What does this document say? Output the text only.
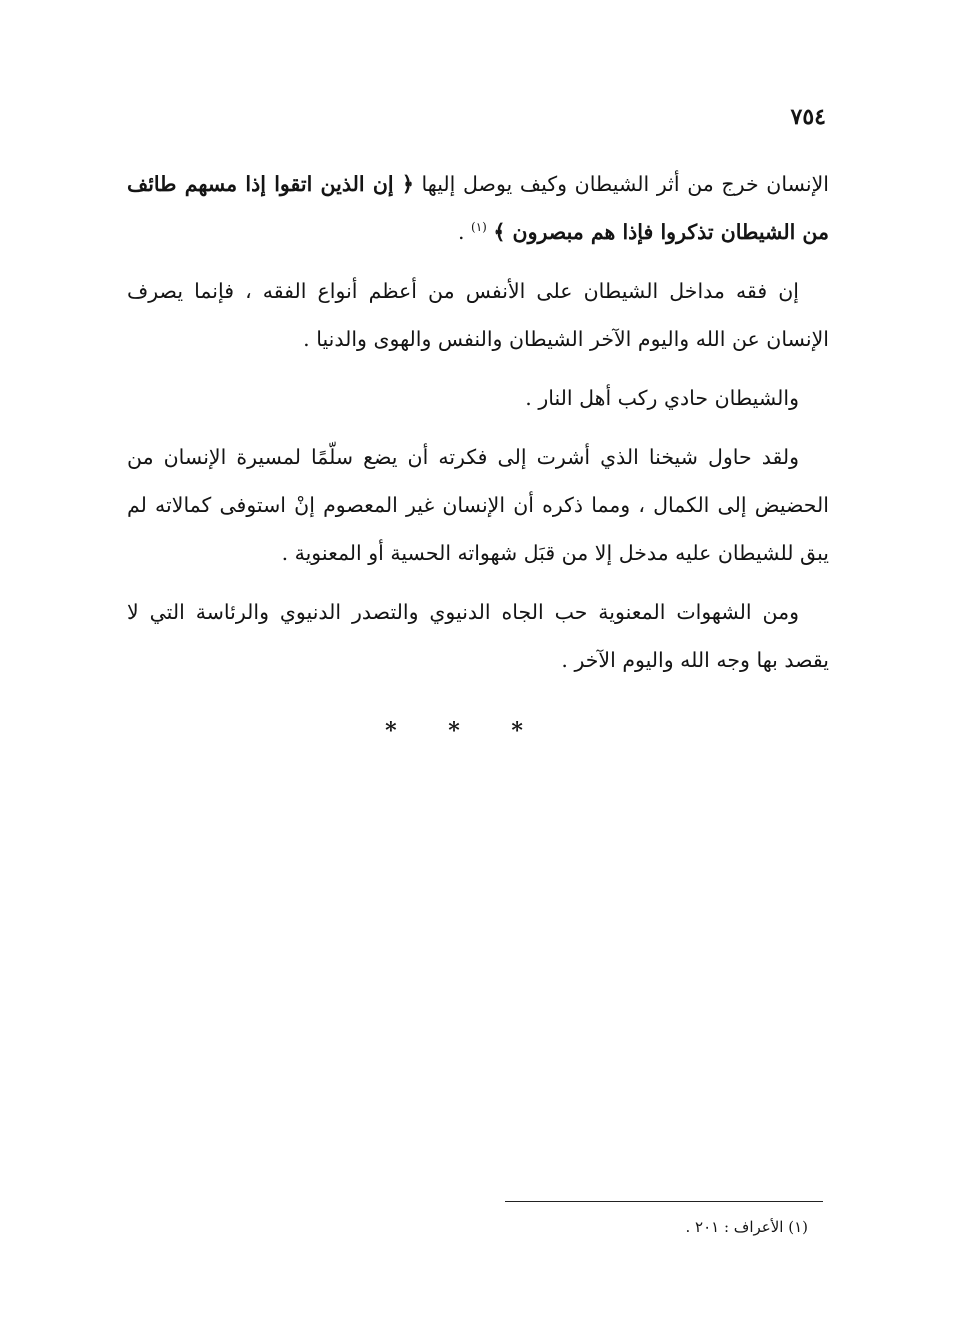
٧٥٤

الإنسان خرج من أثر الشيطان وكيف يوصل إليها ﴿ إن الذين اتقوا إذا مسهم طائف من الشيطان تذكروا فإذا هم مبصرون ﴾ $^{(١)}$ .

إن فقه مداخل الشيطان على الأنفس من أعظم أنواع الفقه ، فإنما يصرف الإنسان عن الله واليوم الآخر الشيطان والنفس والهوى والدنيا .

والشيطان حادي ركب أهل النار .

ولقد حاول شيخنا الذي أشرت إلى فكرته أن يضع سلّمًا لمسيرة الإنسان من الحضيض إلى الكمال ، ومما ذكره أن الإنسان غير المعصوم إنْ استوفى كمالاته لم يبق للشيطان عليه مدخل إلا من قبَل شهواته الحسية أو المعنوية .

ومن الشهوات المعنوية حب الجاه الدنيوي والتصدر الدنيوي والرئاسة التي لا يقصد بها وجه الله واليوم الآخر .

* * *
(١) الأعراف : ٢٠١ .
